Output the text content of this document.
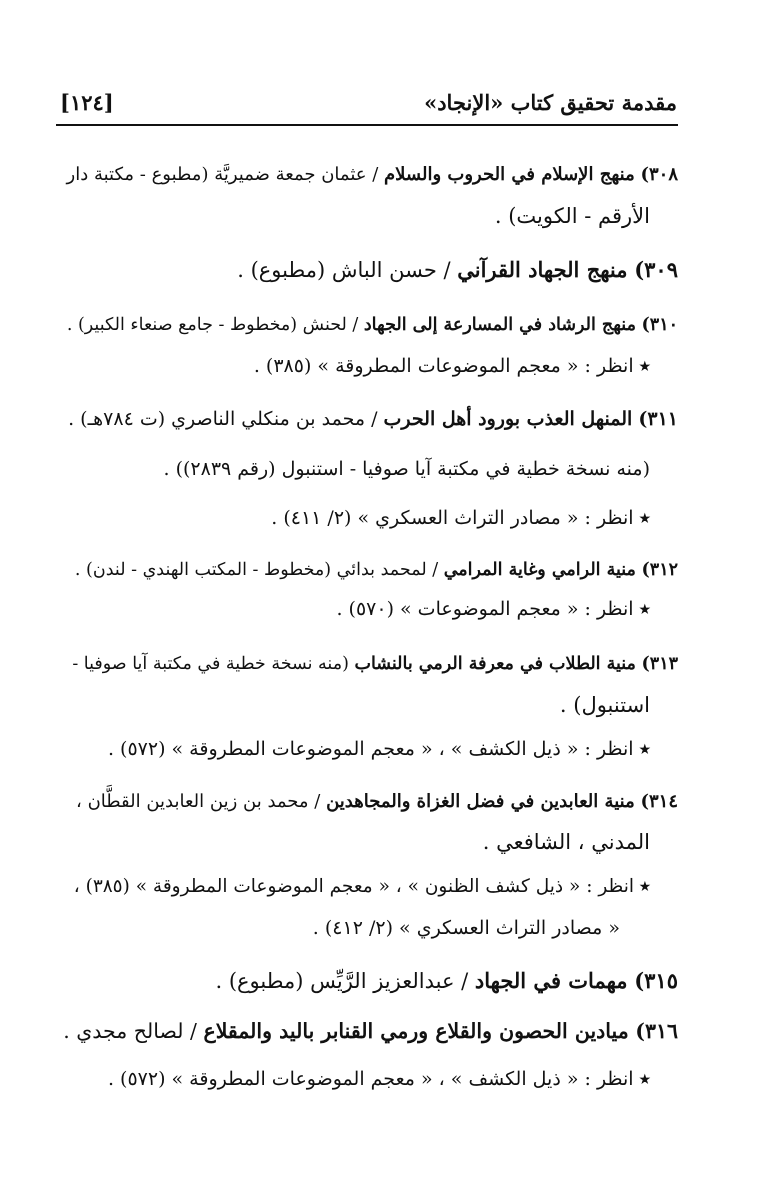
مقدمة تحقيق كتاب «الإنجاد»
[١٢٤]
٣٠٨) منهج الإسلام في الحروب والسلام / عثمان جمعة ضميريَّة (مطبوع - مكتبة دار
الأرقم - الكويت) .
٣٠٩) منهج الجهاد القرآني / حسن الباش (مطبوع) .
٣١٠) منهج الرشاد في المسارعة إلى الجهاد / لحنش (مخطوط - جامع صنعاء الكبير) .
٭ انظر : « معجم الموضوعات المطروقة » (٣٨٥) .
٣١١) المنهل العذب بورود أهل الحرب / محمد بن منكلي الناصري (ت ٧٨٤هـ) .
(منه نسخة خطية في مكتبة آيا صوفيا - استنبول (رقم ٢٨٣٩)) .
٭ انظر : « مصادر التراث العسكري » (٢/ ٤١١) .
٣١٢) منية الرامي وغاية المرامي / لمحمد بدائي (مخطوط - المكتب الهندي - لندن) .
٭ انظر : « معجم الموضوعات » (٥٧٠) .
٣١٣) منية الطلاب في معرفة الرمي بالنشاب (منه نسخة خطية في مكتبة آيا صوفيا -
استنبول) .
٭ انظر : « ذيل الكشف » ، « معجم الموضوعات المطروقة » (٥٧٢) .
٣١٤) منية العابدين في فضل الغزاة والمجاهدين / محمد بن زين العابدين القطَّان ،
المدني ، الشافعي .
٭ انظر : « ذيل كشف الظنون » ، « معجم الموضوعات المطروقة » (٣٨٥) ،
« مصادر التراث العسكري » (٢/ ٤١٢) .
٣١٥) مهمات في الجهاد / عبدالعزيز الرَّيِّس (مطبوع) .
٣١٦) ميادين الحصون والقلاع ورمي القنابر باليد والمقلاع / لصالح مجدي .
٭ انظر : « ذيل الكشف » ، « معجم الموضوعات المطروقة » (٥٧٢) .
